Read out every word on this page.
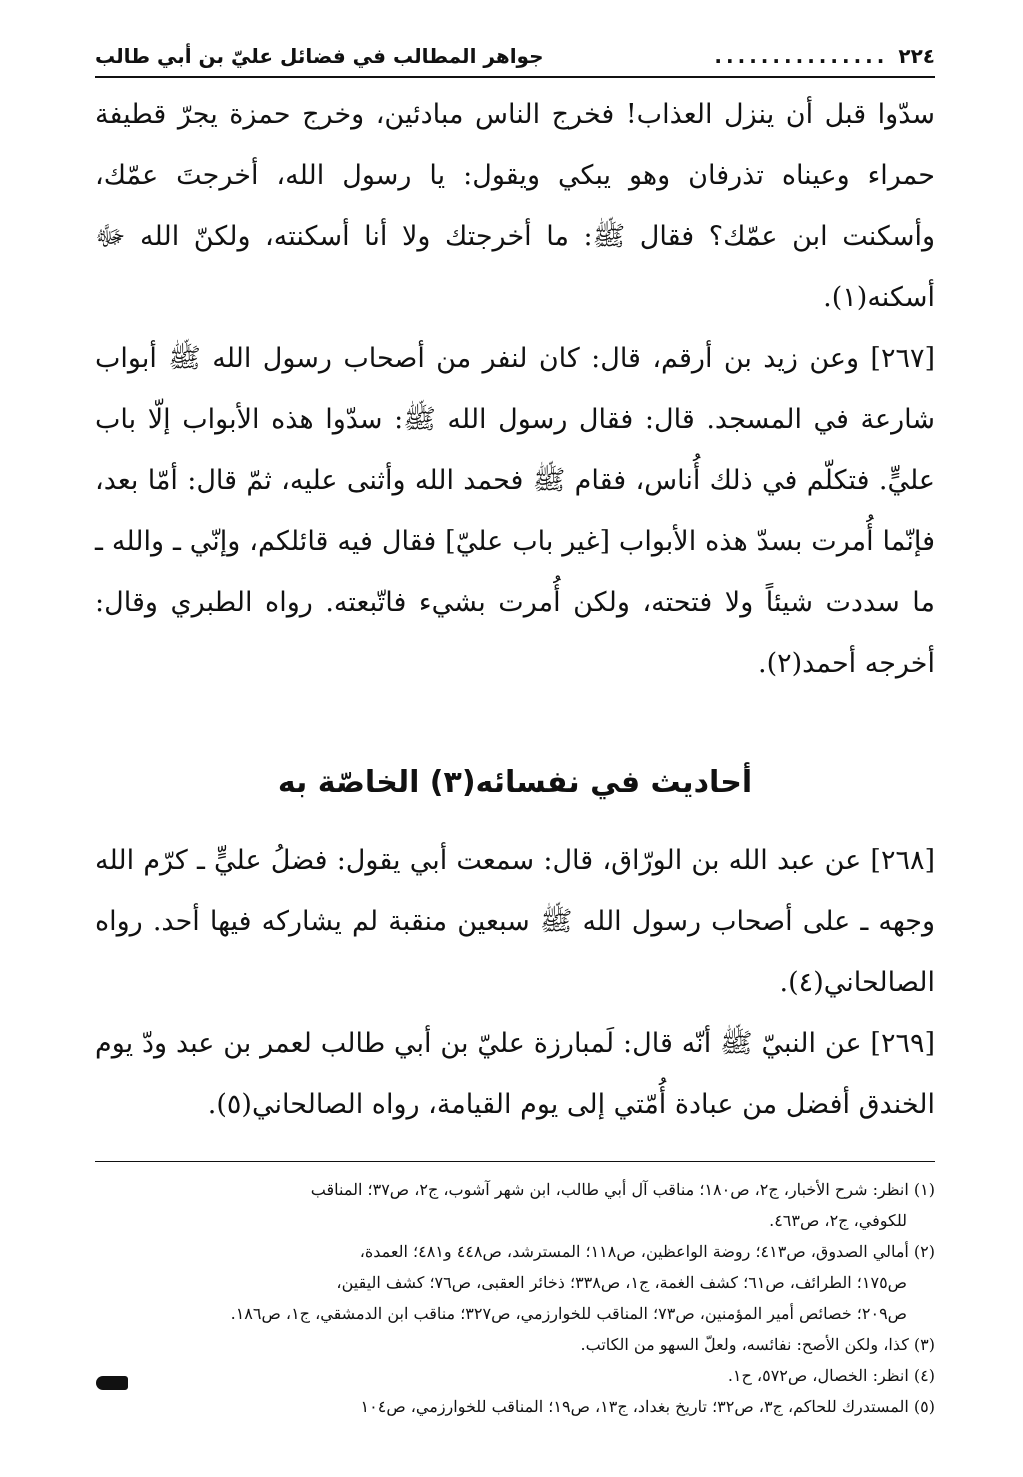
٢٢٤
...............
جواهر المطالب في فضائل عليّ بن أبي طالب

سدّوا قبل أن ينزل العذاب! فخرج الناس مبادئين، وخرج حمزة يجرّ قطيفة حمراء وعيناه تذرفان وهو يبكي ويقول: يا رسول الله، أخرجتَ عمّك، وأسكنت ابن عمّك؟ فقال ﷺ: ما أخرجتك ولا أنا أسكنته، ولكنّ الله ﷻ أسكنه(١).

[٢٦٧] وعن زيد بن أرقم، قال: كان لنفر من أصحاب رسول الله ﷺ أبواب شارعة في المسجد. قال: فقال رسول الله ﷺ: سدّوا هذه الأبواب إلّا باب عليٍّ. فتكلّم في ذلك أُناس، فقام ﷺ فحمد الله وأثنى عليه، ثمّ قال: أمّا بعد، فإنّما أُمرت بسدّ هذه الأبواب [غير باب عليّ] فقال فيه قائلكم، وإنّي ـ والله ـ ما سددت شيئاً ولا فتحته، ولكن أُمرت بشيء فاتّبعته. رواه الطبري وقال: أخرجه أحمد(٢).

أحاديث في نفسائه(٣) الخاصّة به

[٢٦٨] عن عبد الله بن الورّاق، قال: سمعت أبي يقول: فضلُ عليٍّ ـ كرّم الله وجهه ـ على أصحاب رسول الله ﷺ سبعين منقبة لم يشاركه فيها أحد. رواه الصالحاني(٤).

[٢٦٩] عن النبيّ ﷺ أنّه قال: لَمبارزة عليّ بن أبي طالب لعمر بن عبد ودّ يوم الخندق أفضل من عبادة أُمّتي إلى يوم القيامة، رواه الصالحاني(٥).

(١) انظر: شرح الأخبار، ج٢، ص١٨٠؛ مناقب آل أبي طالب، ابن شهر آشوب، ج٢، ص٣٧؛ المناقب

للكوفي، ج٢، ص٤٦٣.

(٢) أمالي الصدوق، ص٤١٣؛ روضة الواعظين، ص١١٨؛ المسترشد، ص٤٤٨ و٤٨١؛ العمدة،

ص١٧٥؛ الطرائف، ص٦١؛ كشف الغمة، ج١، ص٣٣٨؛ ذخائر العقبى، ص٧٦؛ كشف اليقين،

ص٢٠٩؛ خصائص أمير المؤمنين، ص٧٣؛ المناقب للخوارزمي، ص٣٢٧؛ مناقب ابن الدمشقي، ج١، ص١٨٦.

(٣) كذا، ولكن الأصح: نفائسه، ولعلّ السهو من الكاتب.

(٤) انظر: الخصال، ص٥٧٢، ح١.

(٥) المستدرك للحاكم، ج٣، ص٣٢؛ تاريخ بغداد، ج١٣، ص١٩؛ المناقب للخوارزمي، ص١٠٤
